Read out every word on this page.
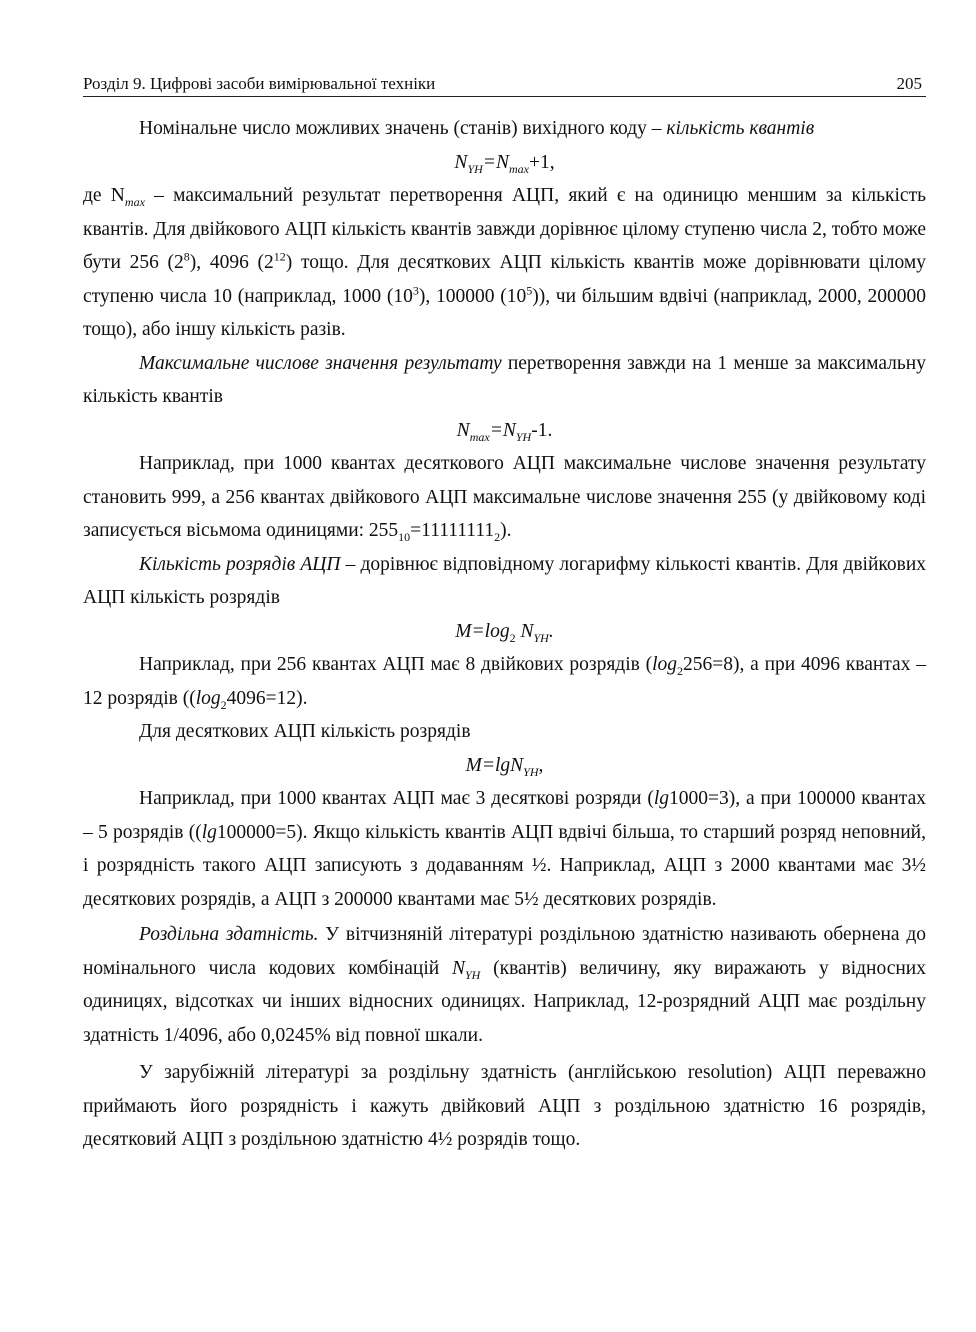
Розділ 9. Цифрові засоби вимірювальної техніки	205

Номінальне число можливих значень (станів) вихідного коду – кількість квантів

$N_{YH}=N_{max}+1$,

де $N_{max}$ – максимальний результат перетворення АЦП, який є на одиницю меншим за кількість квантів. Для двійкового АЦП кількість квантів завжди дорівнює цілому ступеню числа 2, тобто може бути 256 $(2^8)$, 4096 $(2^{12})$ тощо. Для десяткових АЦП кількість квантів може дорівнювати цілому ступеню числа 10 (наприклад, 1000 $(10^3)$, 100000 $(10^5)$), чи більшим вдвічі (наприклад, 2000, 200000 тощо), або іншу кількість разів.

Максимальне числове значення результату перетворення завжди на 1 менше за максимальну кількість квантів

$N_{max}=N_{YH}-1$.

Наприклад, при 1000 квантах десяткового АЦП максимальне числове значення результату становить 999, а 256 квантах двійкового АЦП максимальне числове значення 255 (у двійковому коді записується вісьмома одиницями: $255_{10}=11111111_2$).

Кількість розрядів АЦП – дорівнює відповідному логарифму кількості квантів. Для двійкових АЦП кількість розрядів

$M=\log_2$ $N_{YH}$.

Наприклад, при 256 квантах АЦП має 8 двійкових розрядів $(\log_2256=8)$, а при 4096 квантах – 12 розрядів ($(\log_24096=12)$.

Для десяткових АЦП кількість розрядів

M=lgN$_{YH}$,

Наприклад, при 1000 квантах АЦП має 3 десяткові розряди (lg1000=3), а при 100000 квантах – 5 розрядів ((lg100000=5). Якщо кількість квантів АЦП вдвічі більша, то старший розряд неповний, і розрядність такого АЦП записують з додаванням ½. Наприклад, АЦП з 2000 квантами має 3½ десяткових розрядів, а АЦП з 200000 квантами має 5½ десяткових розрядів.

Роздільна здатність. У вітчизняній літературі роздільною здатністю називають обернена до номінального числа кодових комбінацій $N_{YH}$ (квантів) величину, яку виражають у відносних одиницях, відсотках чи інших відносних одиницях. Наприклад, 12-розрядний АЦП має роздільну здатність 1/4096, або 0,0245% від повної шкали.

У зарубіжній літературі за роздільну здатність (англійською resolution) АЦП переважно приймають його розрядність і кажуть двійковий АЦП з роздільною здатністю 16 розрядів, десятковий АЦП з роздільною здатністю 4½ розрядів тощо.
